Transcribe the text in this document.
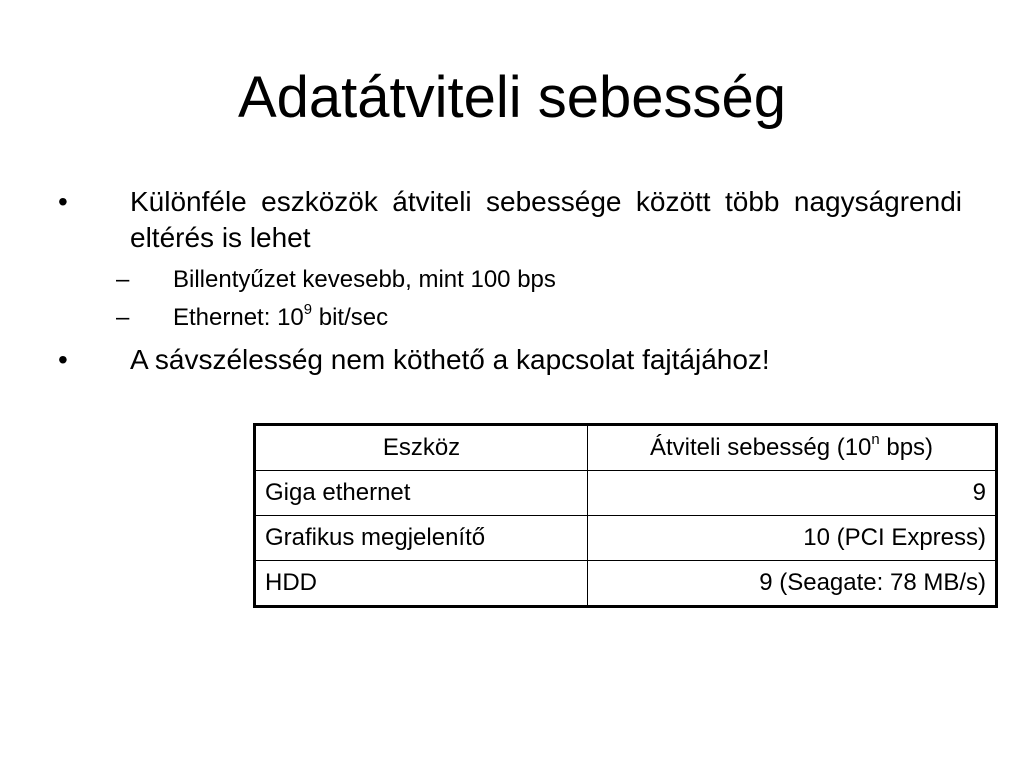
Adatátviteli sebesség
•	Különféle eszközök átviteli sebessége között több nagyságrendi eltérés is lehet
– Billentyűzet kevesebb, mint 100 bps
– Ethernet: $10^9$ bit/sec
•	A sávszélesség nem köthető a kapcsolat fajtájához!
Eszköz	Átviteli sebesség (10$^n$ bps)
Giga ethernet	9
Grafikus megjelenítő	10 (PCI Express)
HDD	9 (Seagate: 78 MB/s)
